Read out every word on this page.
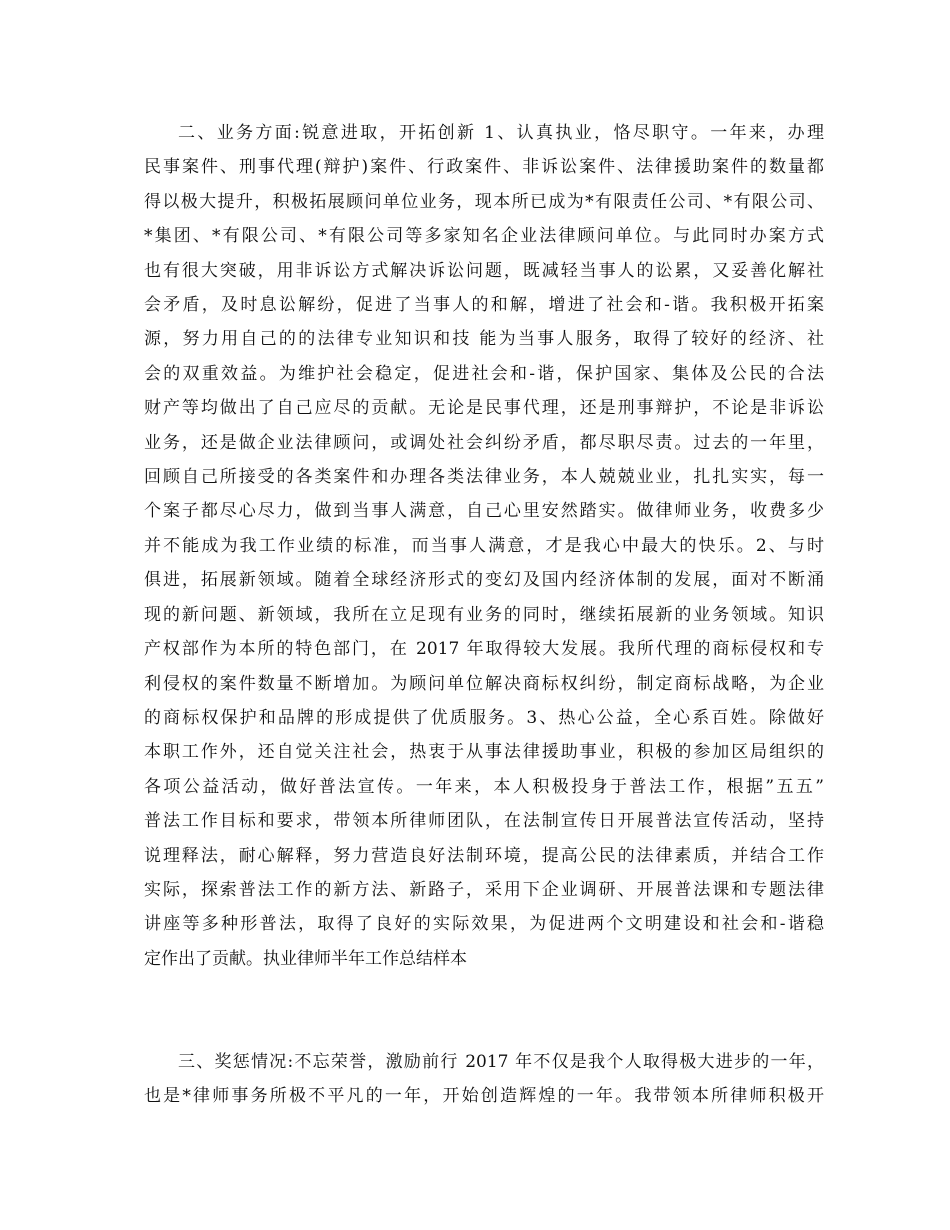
二、业务方面:锐意进取，开拓创新 1、认真执业，恪尽职守。一年来，办理
民事案件、刑事代理(辩护)案件、行政案件、非诉讼案件、法律援助案件的数量都
得以极大提升，积极拓展顾问单位业务，现本所已成为*有限责任公司、*有限公司、
*集团、*有限公司、*有限公司等多家知名企业法律顾问单位。与此同时办案方式
也有很大突破，用非诉讼方式解决诉讼问题，既减轻当事人的讼累，又妥善化解社
会矛盾，及时息讼解纷，促进了当事人的和解，增进了社会和-谐。我积极开拓案
源，努力用自己的的法律专业知识和技 能为当事人服务，取得了较好的经济、社
会的双重效益。为维护社会稳定，促进社会和-谐，保护国家、集体及公民的合法
财产等均做出了自己应尽的贡献。无论是民事代理，还是刑事辩护，不论是非诉讼
业务，还是做企业法律顾问，或调处社会纠纷矛盾，都尽职尽责。过去的一年里，
回顾自己所接受的各类案件和办理各类法律业务，本人兢兢业业，扎扎实实，每一
个案子都尽心尽力，做到当事人满意，自己心里安然踏实。做律师业务，收费多少
并不能成为我工作业绩的标准，而当事人满意，才是我心中最大的快乐。2、与时
俱进，拓展新领域。随着全球经济形式的变幻及国内经济体制的发展，面对不断涌
现的新问题、新领域，我所在立足现有业务的同时，继续拓展新的业务领域。知识
产权部作为本所的特色部门，在 2017 年取得较大发展。我所代理的商标侵权和专
利侵权的案件数量不断增加。为顾问单位解决商标权纠纷，制定商标战略，为企业
的商标权保护和品牌的形成提供了优质服务。3、热心公益，全心系百姓。除做好
本职工作外，还自觉关注社会，热衷于从事法律援助事业，积极的参加区局组织的
各项公益活动，做好普法宣传。一年来，本人积极投身于普法工作，根据”五五”
普法工作目标和要求，带领本所律师团队，在法制宣传日开展普法宣传活动，坚持
说理释法，耐心解释，努力营造良好法制环境，提高公民的法律素质，并结合工作
实际，探索普法工作的新方法、新路子，采用下企业调研、开展普法课和专题法律
讲座等多种形普法，取得了良好的实际效果，为促进两个文明建设和社会和-谐稳
定作出了贡献。执业律师半年工作总结样本
三、奖惩情况:不忘荣誉，激励前行 2017 年不仅是我个人取得极大进步的一年，
也是*律师事务所极不平凡的一年，开始创造辉煌的一年。我带领本所律师积极开
